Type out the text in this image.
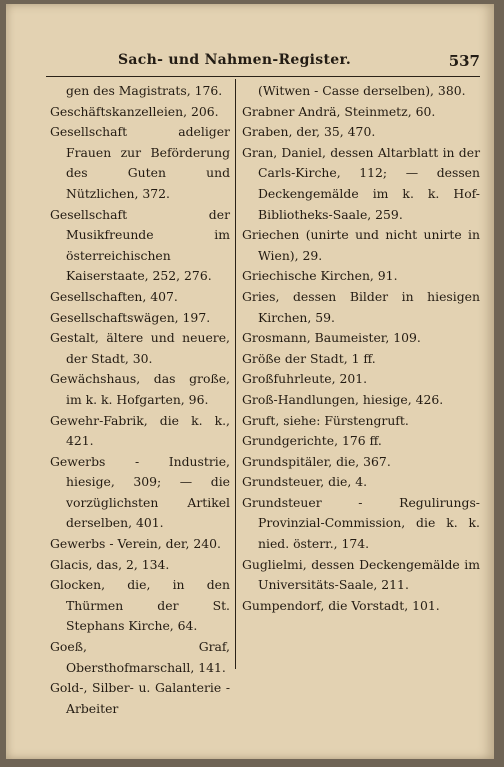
Sach- und Nahmen-Register.	537

gen des Magistrats, 176.

Geschäftskanzelleien, 206.

Gesellschaft adeliger Frauen zur Beförderung des Guten und Nützlichen, 372.

Gesellschaft der Musikfreunde im österreichischen Kaiserstaate, 252, 276.

Gesellschaften, 407.

Gesellschaftswägen, 197.

Gestalt, ältere und neuere, der Stadt, 30.

Gewächshaus, das große, im k. k. Hofgarten, 96.

Gewehr-Fabrik, die k. k., 421.

Gewerbs - Industrie, hiesige, 309; — die vorzüglichsten Artikel derselben, 401.

Gewerbs - Verein, der, 240.

Glacis, das, 2, 134.

Glocken, die, in den Thürmen der St. Stephans Kirche, 64.

Goeß, Graf, Obersthofmarschall, 141.

Gold-, Silber- u. Galanterie - Arbeiter

(Witwen - Casse derselben), 380.

Grabner Andrä, Steinmetz, 60.

Graben, der, 35, 470.

Gran, Daniel, dessen Altarblatt in der Carls-Kirche, 112; — dessen Deckengemälde im k. k. Hof-Bibliotheks-Saale, 259.

Griechen (unirte und nicht unirte in Wien), 29.

Griechische Kirchen, 91.

Gries, dessen Bilder in hiesigen Kirchen, 59.

Grosmann, Baumeister, 109.

Größe der Stadt, 1 ff.

Großfuhrleute, 201.

Groß-Handlungen, hiesige, 426.

Gruft, siehe: Fürstengruft.

Grundgerichte, 176 ff.

Grundspitäler, die, 367.

Grundsteuer, die, 4.

Grundsteuer - Regulirungs-Provinzial-Commission, die k. k. nied. österr., 174.

Guglielmi, dessen Deckengemälde im Universitäts-Saale, 211.

Gumpendorf, die Vorstadt, 101.
